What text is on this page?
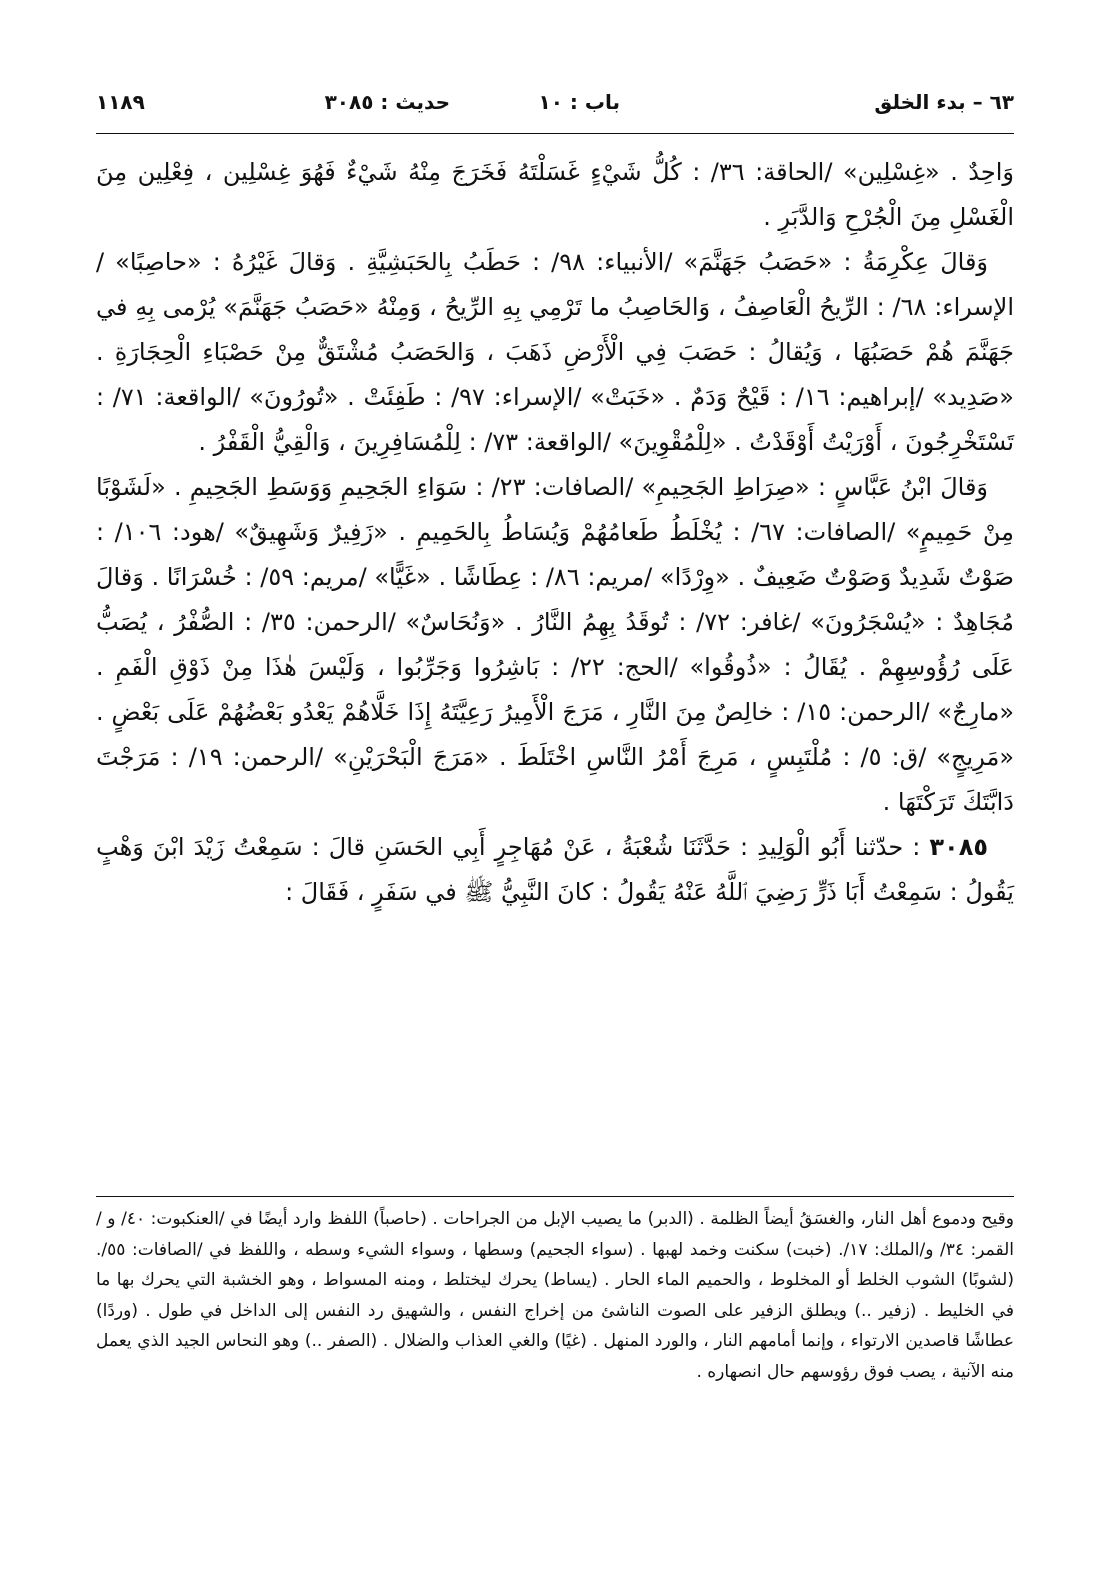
٦٣ – بدء الخلق
باب : ١٠
حديث : ٣٠٨٥
١١٨٩

وَاحِدٌ . «غِسْلِين» /الحاقة: ٣٦/ : كُلُّ شَيْءٍ غَسَلْتَهُ فَخَرَجَ مِنْهُ شَيْءٌ فَهُوَ غِسْلِين ، فِعْلِين مِنَ الْغَسْلِ مِنَ الْجُرْحِ وَالدَّبَرِ .

وَقالَ عِكْرِمَةُ : «حَصَبُ جَهَنَّمَ» /الأنبياء: ٩٨/ : حَطَبُ بِالحَبَشِيَّةِ . وَقالَ غَيْرُهُ : «حاصِبًا» /الإسراء: ٦٨/ : الرِّيحُ الْعَاصِفُ ، وَالحَاصِبُ ما تَرْمِي بِهِ الرِّيحُ ، وَمِنْهُ «حَصَبُ جَهَنَّمَ» يُرْمى بِهِ في جَهَنَّمَ هُمْ حَصَبُهَا ، وَيُقالُ : حَصَبَ فِي الْأَرْضِ ذَهَبَ ، وَالحَصَبُ مُشْتَقٌّ مِنْ حَصْبَاءِ الْحِجَارَةِ . «صَدِيد» /إبراهيم: ١٦/ : قَيْحٌ وَدَمٌ . «خَبَتْ» /الإسراء: ٩٧/ : طَفِئَتْ . «تُورُونَ» /الواقعة: ٧١/ : تَسْتَخْرِجُونَ ، أَوْرَيْتُ أَوْقَدْتُ . «لِلْمُقْوِينَ» /الواقعة: ٧٣/ : لِلْمُسَافِرِينَ ، وَالْقِيُّ الْقَفْرُ .

وَقالَ ابْنُ عَبَّاسٍ : «صِرَاطِ الجَحِيمِ» /الصافات: ٢٣/ : سَوَاءِ الجَحِيمِ وَوَسَطِ الجَحِيمِ . «لَشَوْبًا مِنْ حَمِيمٍ» /الصافات: ٦٧/ : يُخْلَطُ طَعامُهُمْ وَيُسَاطُ بِالحَمِيمِ . «زَفِيرٌ وَشَهِيقٌ» /هود: ١٠٦/ : صَوْتٌ شَدِيدٌ وَصَوْتٌ ضَعِيفٌ . «وِرْدًا» /مريم: ٨٦/ : عِطَاشًا . «غَيًّا» /مريم: ٥٩/ : خُسْرَانًا . وَقالَ مُجَاهِدٌ : «يُسْجَرُونَ» /غافر: ٧٢/ : تُوقَدُ بِهِمُ النَّارُ . «وَنُحَاسٌ» /الرحمن: ٣٥/ : الصُّفْرُ ، يُصَبُّ عَلَى رُؤُوسِهِمْ . يُقَالُ : «ذُوقُوا» /الحج: ٢٢/ : بَاشِرُوا وَجَرِّبُوا ، وَلَيْسَ هٰذَا مِنْ ذَوْقِ الْفَمِ . «مارِجٌ» /الرحمن: ١٥/ : خالِصٌ مِنَ النَّارِ ، مَرَجَ الْأَمِيرُ رَعِيَّتَهُ إِذَا خَلَّاهُمْ يَعْدُو بَعْضُهُمْ عَلَى بَعْضٍ . «مَرِيجٍ» /ق: ٥/ : مُلْتَبِسٍ ، مَرِجَ أَمْرُ النَّاسِ اخْتَلَطَ . «مَرَجَ الْبَحْرَيْنِ» /الرحمن: ١٩/ : مَرَجْتَ دَابَّتَكَ تَرَكْتَهَا .

٣٠٨٥ : حدّثنا أَبُو الْوَلِيدِ : حَدَّثَنَا شُعْبَةُ ، عَنْ مُهَاجِرٍ أَبِي الحَسَنِ قالَ : سَمِعْتُ زَيْدَ ابْنَ وَهْبٍ يَقُولُ : سَمِعْتُ أَبَا ذَرٍّ رَضِيَ ٱللَّهُ عَنْهُ يَقُولُ : كانَ النَّبِيُّ ﷺ في سَفَرٍ ، فَقَالَ :

وقيح ودموع أهل النار، والغسَقُ أيضاً الظلمة . (الدبر) ما يصيب الإبل من الجراحات . (حاصباً) اللفظ وارد أيضًا في /العنكبوت: ٤٠/ و /القمر: ٣٤/ و/الملك: ١٧/. (خبت) سكنت وخمد لهبها . (سواء الجحيم) وسطها ، وسواء الشيء وسطه ، واللفظ في /الصافات: ٥٥/. (لشوبًا) الشوب الخلط أو المخلوط ، والحميم الماء الحار . (يساط) يحرك ليختلط ، ومنه المسواط ، وهو الخشبة التي يحرك بها ما في الخليط . (زفير ..) ويطلق الزفير على الصوت الناشئ من إخراج النفس ، والشهيق رد النفس إلى الداخل في طول . (وردًا) عطاشًا قاصدين الارتواء ، وإنما أمامهم النار ، والورد المنهل . (غيًا) والغي العذاب والضلال . (الصفر ..) وهو النحاس الجيد الذي يعمل منه الآنية ، يصب فوق رؤوسهم حال انصهاره .
